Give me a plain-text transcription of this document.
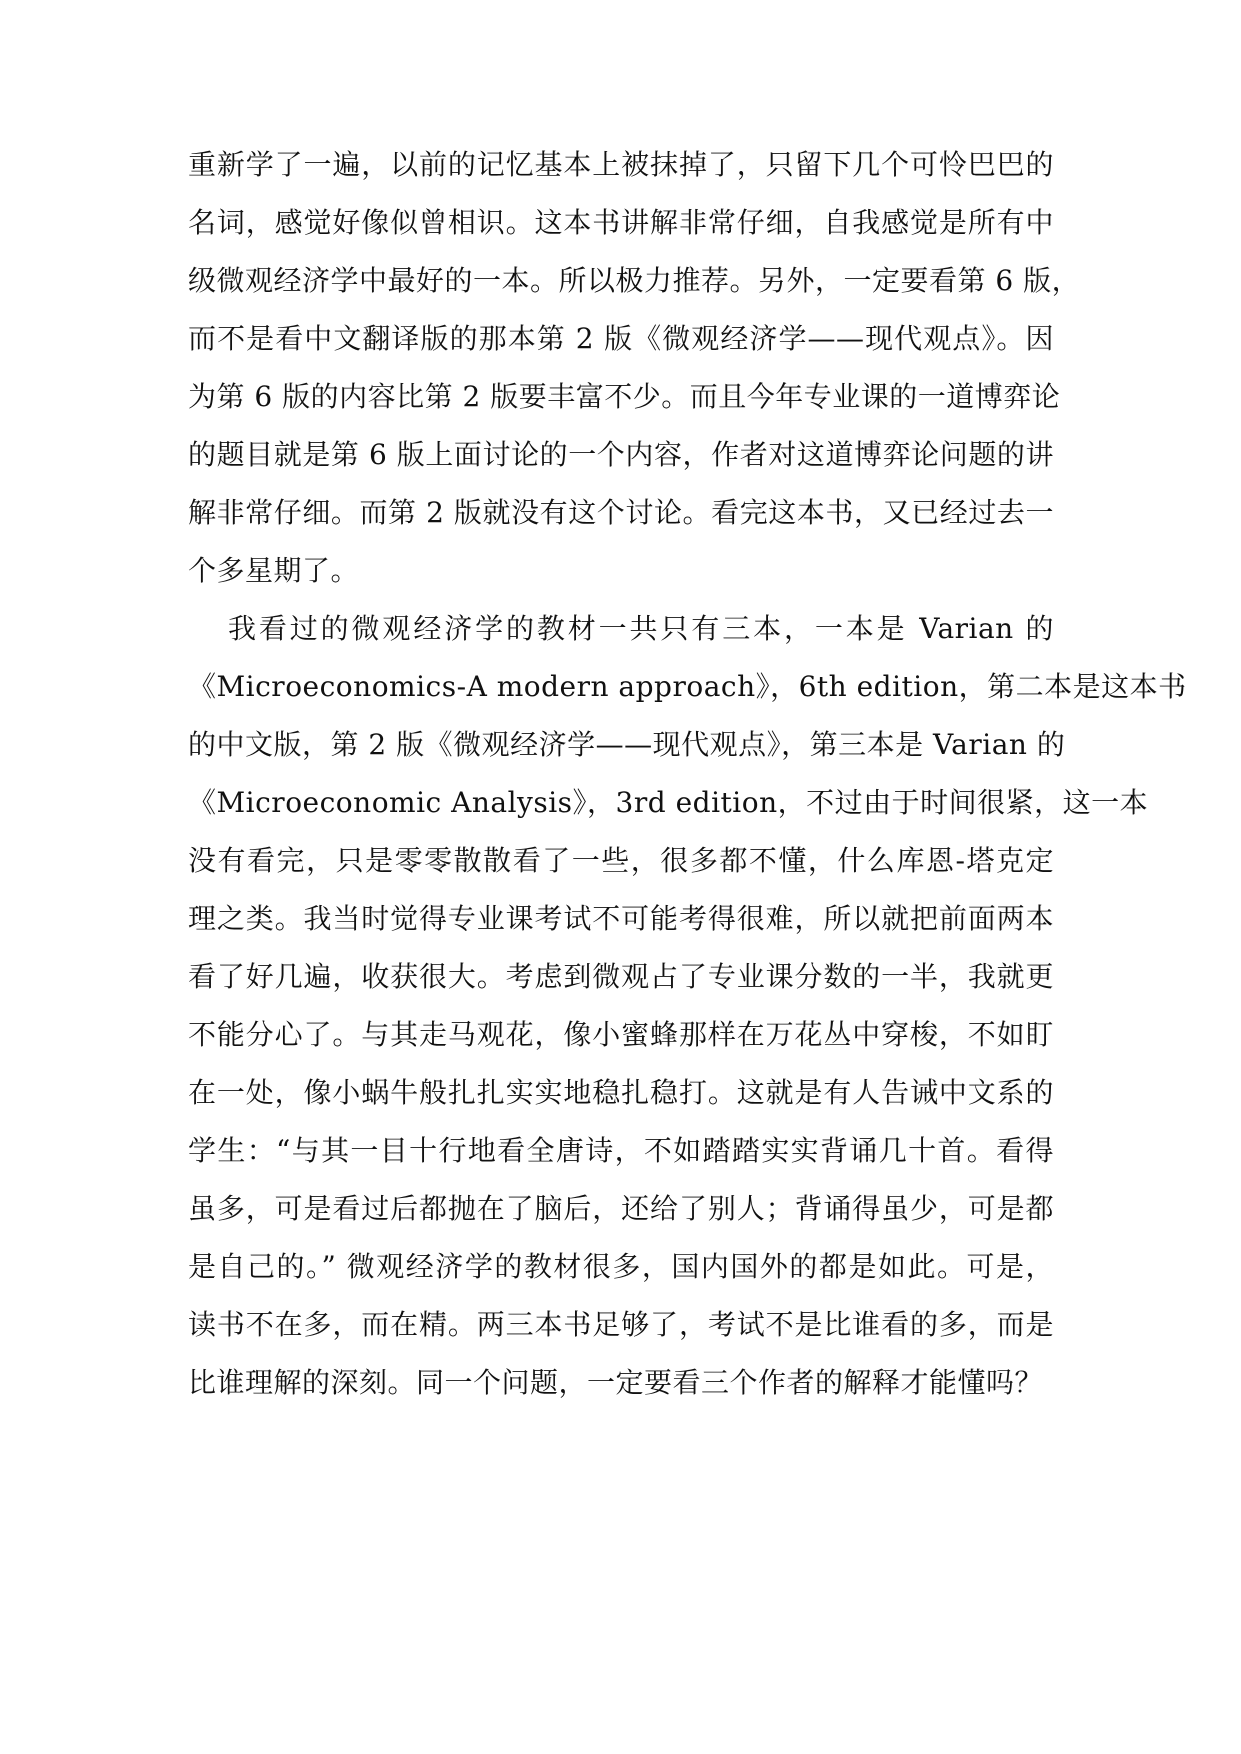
重新学了一遍，以前的记忆基本上被抹掉了，只留下几个可怜巴巴的
名词，感觉好像似曾相识。这本书讲解非常仔细，自我感觉是所有中
级微观经济学中最好的一本。所以极力推荐。另外，一定要看第 6 版，
而不是看中文翻译版的那本第 2 版《微观经济学——现代观点》。因
为第 6 版的内容比第 2 版要丰富不少。而且今年专业课的一道博弈论
的题目就是第 6 版上面讨论的一个内容，作者对这道博弈论问题的讲
解非常仔细。而第 2 版就没有这个讨论。看完这本书，又已经过去一
个多星期了。
我看过的微观经济学的教材一共只有三本，一本是 Varian 的
《Microeconomics-A modern approach》，6th edition，第二本是这本书
的中文版，第 2 版《微观经济学——现代观点》，第三本是 Varian 的
《Microeconomic Analysis》，3rd edition，不过由于时间很紧，这一本
没有看完，只是零零散散看了一些，很多都不懂，什么库恩-塔克定
理之类。我当时觉得专业课考试不可能考得很难，所以就把前面两本
看了好几遍，收获很大。考虑到微观占了专业课分数的一半，我就更
不能分心了。与其走马观花，像小蜜蜂那样在万花丛中穿梭，不如盯
在一处，像小蜗牛般扎扎实实地稳扎稳打。这就是有人告诫中文系的
学生：“与其一目十行地看全唐诗，不如踏踏实实背诵几十首。看得
虽多，可是看过后都抛在了脑后，还给了别人；背诵得虽少，可是都
是自己的。” 微观经济学的教材很多，国内国外的都是如此。可是，
读书不在多，而在精。两三本书足够了，考试不是比谁看的多，而是
比谁理解的深刻。同一个问题，一定要看三个作者的解释才能懂吗？
